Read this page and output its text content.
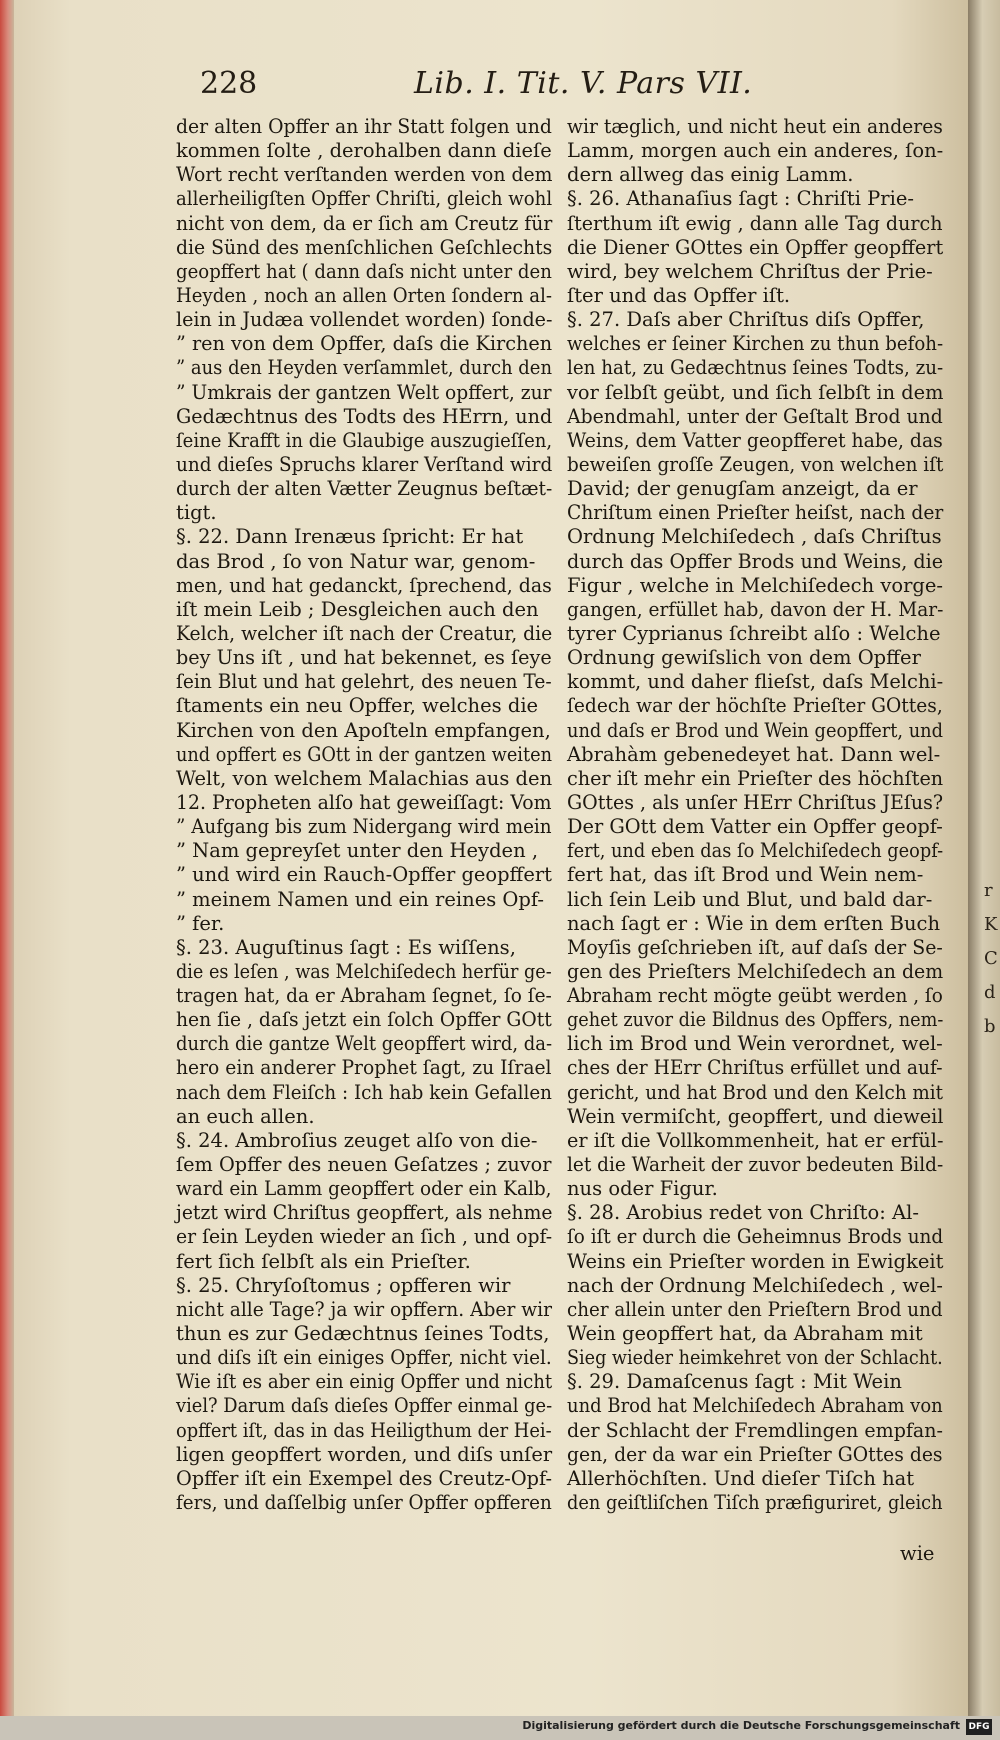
r
K
C
d
b
228	Lib. I. Tit. V. Pars VII.
der alten Opffer an ihr Statt folgen und
kommen ſolte , derohalben dann dieſe
Wort recht verſtanden werden von dem
allerheiligſten Opffer Chriſti, gleich wohl
nicht von dem, da er ſich am Creutz für
die Sünd des menſchlichen Geſchlechts
geopffert hat ( dann daſs nicht unter den
Heyden , noch an allen Orten ſondern al-
lein in Judæa vollendet worden) ſonde-
” ren von dem Opffer, daſs die Kirchen
” aus den Heyden verſammlet, durch den
” Umkrais der gantzen Welt opffert, zur
Gedæchtnus des Todts des HErrn, und
ſeine Krafft in die Glaubige auszugieſſen,
und dieſes Spruchs klarer Verſtand wird
durch der alten Vætter Zeugnus beſtæt-
tigt.
§. 22. Dann Irenæus ſpricht: Er hat
das Brod , ſo von Natur war, genom-
men, und hat gedanckt, ſprechend, das
iſt mein Leib ; Desgleichen auch den
Kelch, welcher iſt nach der Creatur, die
bey Uns iſt , und hat bekennet, es ſeye
ſein Blut und hat gelehrt, des neuen Te-
ſtaments ein neu Opffer, welches die
Kirchen von den Apoſteln empfangen,
und opffert es GOtt in der gantzen weiten
Welt, von welchem Malachias aus den
12. Propheten alſo hat geweiſſagt: Vom
” Aufgang bis zum Nidergang wird mein
” Nam gepreyſet unter den Heyden ,
” und wird ein Rauch-Opffer geopffert
” meinem Namen und ein reines Opf-
” fer.
§. 23. Auguſtinus ſagt : Es wiſſens,
die es leſen , was Melchiſedech herfür ge-
tragen hat, da er Abraham ſegnet, ſo ſe-
hen ſie , daſs jetzt ein ſolch Opffer GOtt
durch die gantze Welt geopffert wird, da-
hero ein anderer Prophet ſagt, zu Iſrael
nach dem Fleiſch : Ich hab kein Gefallen
an euch allen.
§. 24. Ambroſius zeuget alſo von die-
ſem Opffer des neuen Geſatzes ; zuvor
ward ein Lamm geopffert oder ein Kalb,
jetzt wird Chriſtus geopffert, als nehme
er ſein Leyden wieder an ſich , und opf-
fert ſich ſelbſt als ein Prieſter.
§. 25. Chryſoſtomus ; opfferen wir
nicht alle Tage? ja wir opffern. Aber wir
thun es zur Gedæchtnus ſeines Todts,
und diſs iſt ein einiges Opffer, nicht viel.
Wie iſt es aber ein einig Opffer und nicht
viel? Darum daſs dieſes Opffer einmal ge-
opffert iſt, das in das Heiligthum der Hei-
ligen geopffert worden, und diſs unſer
Opffer iſt ein Exempel des Creutz-Opf-
fers, und daſſelbig unſer Opffer opfferen
wir tæglich, und nicht heut ein anderes
Lamm, morgen auch ein anderes, ſon-
dern allweg das einig Lamm.
§. 26. Athanaſius ſagt : Chriſti Prie-
ſterthum iſt ewig , dann alle Tag durch
die Diener GOttes ein Opffer geopffert
wird, bey welchem Chriſtus der Prie-
ſter und das Opffer iſt.
§. 27. Daſs aber Chriſtus diſs Opffer,
welches er ſeiner Kirchen zu thun befoh-
len hat, zu Gedæchtnus ſeines Todts, zu-
vor ſelbſt geübt, und ſich ſelbſt in dem
Abendmahl, unter der Geſtalt Brod und
Weins, dem Vatter geopfferet habe, das
beweiſen groſſe Zeugen, von welchen iſt
David; der genugſam anzeigt, da er
Chriſtum einen Prieſter heiſst, nach der
Ordnung Melchiſedech , daſs Chriſtus
durch das Opffer Brods und Weins, die
Figur , welche in Melchiſedech vorge-
gangen, erfüllet hab, davon der H. Mar-
tyrer Cyprianus ſchreibt alſo : Welche
Ordnung gewiſslich von dem Opffer
kommt, und daher flieſst, daſs Melchi-
ſedech war der höchſte Prieſter GOttes,
und daſs er Brod und Wein geopffert, und
Abrahàm gebenedeyet hat. Dann wel-
cher iſt mehr ein Prieſter des höchſten
GOttes , als unſer HErr Chriſtus JEſus?
Der GOtt dem Vatter ein Opffer geopf-
fert, und eben das ſo Melchiſedech geopf-
fert hat, das iſt Brod und Wein nem-
lich ſein Leib und Blut, und bald dar-
nach ſagt er : Wie in dem erſten Buch
Moyſis geſchrieben iſt, auf daſs der Se-
gen des Prieſters Melchiſedech an dem
Abraham recht mögte geübt werden , ſo
gehet zuvor die Bildnus des Opffers, nem-
lich im Brod und Wein verordnet, wel-
ches der HErr Chriſtus erfüllet und auf-
gericht, und hat Brod und den Kelch mit
Wein vermiſcht, geopffert, und dieweil
er iſt die Vollkommenheit, hat er erfül-
let die Warheit der zuvor bedeuten Bild-
nus oder Figur.
§. 28. Arobius redet von Chriſto: Al-
ſo iſt er durch die Geheimnus Brods und
Weins ein Prieſter worden in Ewigkeit
nach der Ordnung Melchiſedech , wel-
cher allein unter den Prieſtern Brod und
Wein geopffert hat, da Abraham mit
Sieg wieder heimkehret von der Schlacht.
§. 29. Damaſcenus ſagt : Mit Wein
und Brod hat Melchiſedech Abraham von
der Schlacht der Fremdlingen empfan-
gen, der da war ein Prieſter GOttes des
Allerhöchſten. Und dieſer Tiſch hat
den geiſtliſchen Tiſch præfiguriret, gleich
wie
Digitalisierung gefördert durch die Deutsche Forschungsgemeinschaft DFG
